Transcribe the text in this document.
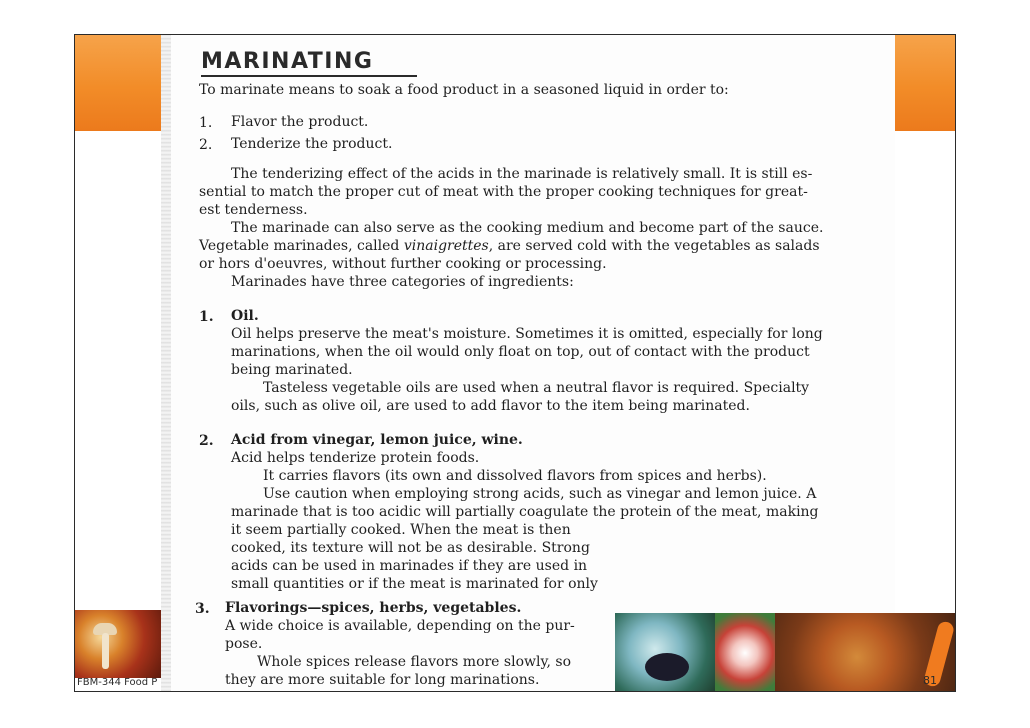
FBM-344 Food P
MARINATING
To marinate means to soak a food product in a seasoned liquid in order to:
1. Flavor the product.
2. Tenderize the product.
The tenderizing effect of the acids in the marinade is relatively small. It is still es-
sential to match the proper cut of meat with the proper cooking techniques for great-
est tenderness.
The marinade can also serve as the cooking medium and become part of the sauce.
Vegetable marinades, called vinaigrettes, are served cold with the vegetables as salads
or hors d'oeuvres, without further cooking or processing.
Marinades have three categories of ingredients:
1. Oil.
Oil helps preserve the meat's moisture. Sometimes it is omitted, especially for long
marinations, when the oil would only float on top, out of contact with the product
being marinated.
Tasteless vegetable oils are used when a neutral flavor is required. Specialty
oils, such as olive oil, are used to add flavor to the item being marinated.
2. Acid from vinegar, lemon juice, wine.
Acid helps tenderize protein foods.
It carries flavors (its own and dissolved flavors from spices and herbs).
Use caution when employing strong acids, such as vinegar and lemon juice. A
marinade that is too acidic will partially coagulate the protein of the meat, making
it seem partially cooked. When the meat is then
cooked, its texture will not be as desirable. Strong
acids can be used in marinades if they are used in
small quantities or if the meat is marinated for only
3. Flavorings—spices, herbs, vegetables.
A wide choice is available, depending on the pur-
pose.
Whole spices release flavors more slowly, so
they are more suitable for long marinations.	81
